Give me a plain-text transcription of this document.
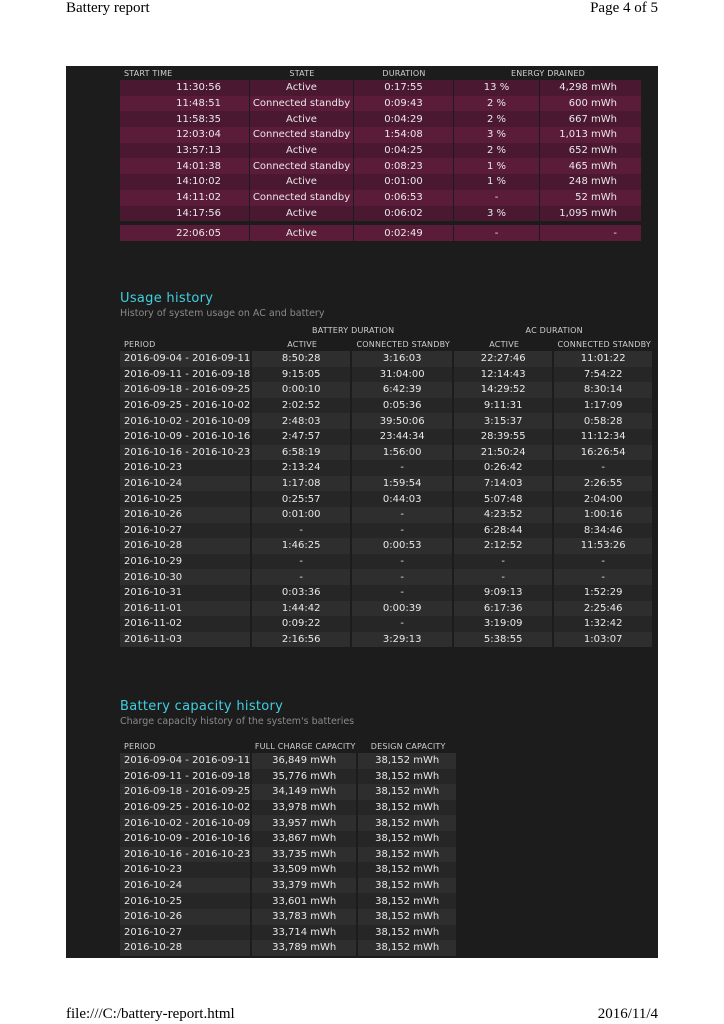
Battery report	Page 4 of 5
START TIME	STATE	DURATION	ENERGY DRAINED	
11:30:56	Active	0:17:55	13 %	4,298 mWh
11:48:51	Connected standby	0:09:43	2 %	600 mWh
11:58:35	Active	0:04:29	2 %	667 mWh
12:03:04	Connected standby	1:54:08	3 %	1,013 mWh
13:57:13	Active	0:04:25	2 %	652 mWh
14:01:38	Connected standby	0:08:23	1 %	465 mWh
14:10:02	Active	0:01:00	1 %	248 mWh
14:11:02	Connected standby	0:06:53	-	52 mWh
14:17:56	Active	0:06:02	3 %	1,095 mWh

22:06:05	Active	0:02:49	-	-
Usage history
History of system usage on AC and battery
	BATTERY DURATION		AC DURATION	
PERIOD	ACTIVE	CONNECTED STANDBY	ACTIVE	CONNECTED STANDBY
2016-09-04 - 2016-09-11	8:50:28	3:16:03	22:27:46	11:01:22
2016-09-11 - 2016-09-18	9:15:05	31:04:00	12:14:43	7:54:22
2016-09-18 - 2016-09-25	0:00:10	6:42:39	14:29:52	8:30:14
2016-09-25 - 2016-10-02	2:02:52	0:05:36	9:11:31	1:17:09
2016-10-02 - 2016-10-09	2:48:03	39:50:06	3:15:37	0:58:28
2016-10-09 - 2016-10-16	2:47:57	23:44:34	28:39:55	11:12:34
2016-10-16 - 2016-10-23	6:58:19	1:56:00	21:50:24	16:26:54
2016-10-23	2:13:24	-	0:26:42	-
2016-10-24	1:17:08	1:59:54	7:14:03	2:26:55
2016-10-25	0:25:57	0:44:03	5:07:48	2:04:00
2016-10-26	0:01:00	-	4:23:52	1:00:16
2016-10-27	-	-	6:28:44	8:34:46
2016-10-28	1:46:25	0:00:53	2:12:52	11:53:26
2016-10-29	-	-	-	-
2016-10-30	-	-	-	-
2016-10-31	0:03:36	-	9:09:13	1:52:29
2016-11-01	1:44:42	0:00:39	6:17:36	2:25:46
2016-11-02	0:09:22	-	3:19:09	1:32:42
2016-11-03	2:16:56	3:29:13	5:38:55	1:03:07
Battery capacity history
Charge capacity history of the system's batteries
PERIOD	FULL CHARGE CAPACITY	DESIGN CAPACITY
2016-09-04 - 2016-09-11	36,849 mWh	38,152 mWh
2016-09-11 - 2016-09-18	35,776 mWh	38,152 mWh
2016-09-18 - 2016-09-25	34,149 mWh	38,152 mWh
2016-09-25 - 2016-10-02	33,978 mWh	38,152 mWh
2016-10-02 - 2016-10-09	33,957 mWh	38,152 mWh
2016-10-09 - 2016-10-16	33,867 mWh	38,152 mWh
2016-10-16 - 2016-10-23	33,735 mWh	38,152 mWh
2016-10-23	33,509 mWh	38,152 mWh
2016-10-24	33,379 mWh	38,152 mWh
2016-10-25	33,601 mWh	38,152 mWh
2016-10-26	33,783 mWh	38,152 mWh
2016-10-27	33,714 mWh	38,152 mWh
2016-10-28	33,789 mWh	38,152 mWh
file:///C:/battery-report.html	2016/11/4
